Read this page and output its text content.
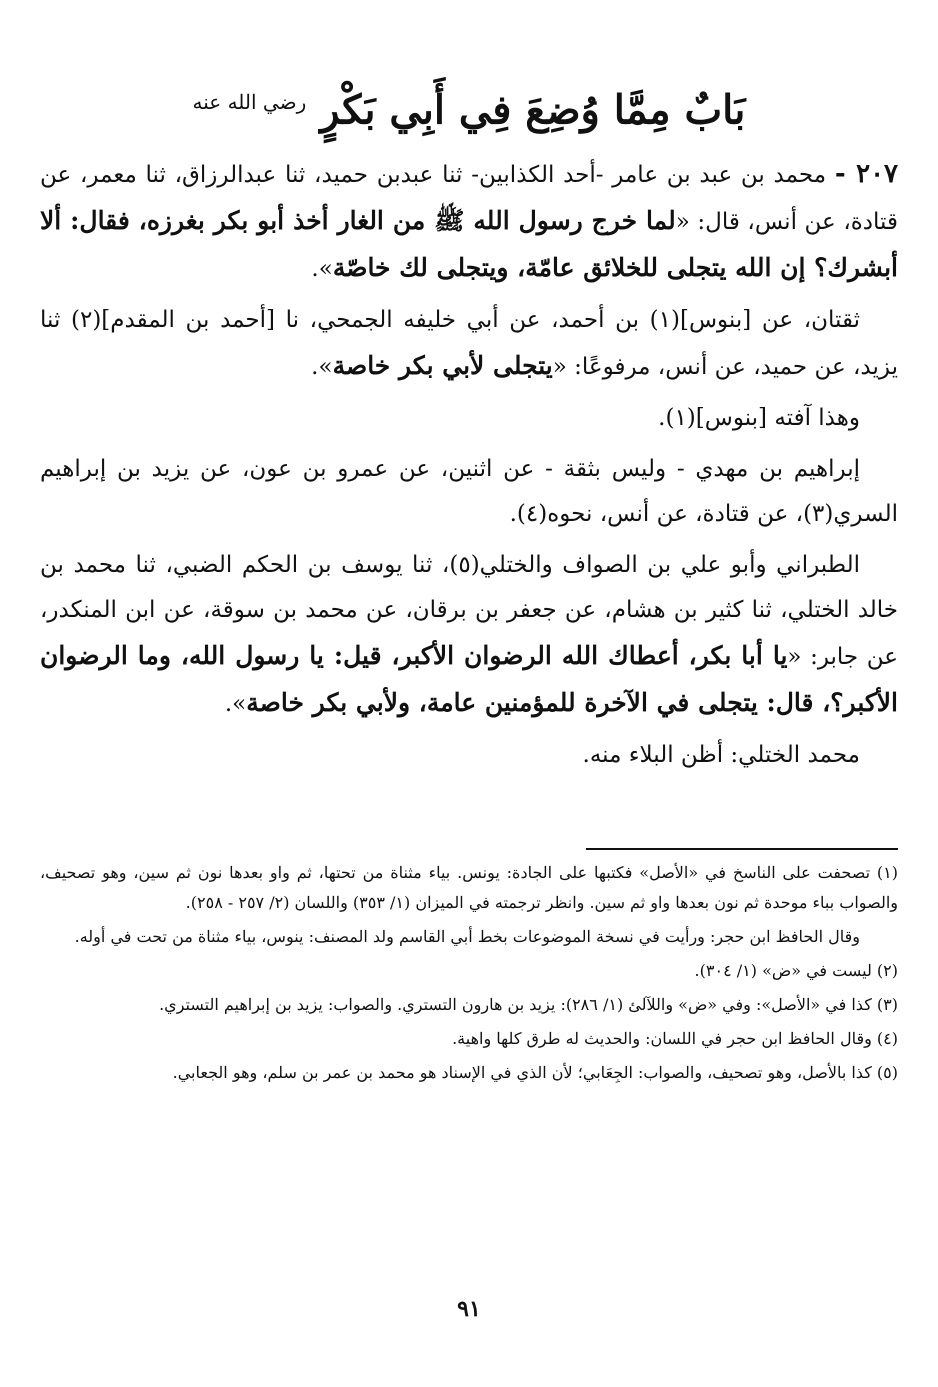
بَابٌ مِمَّا وُضِعَ فِي أَبِي بَكْرٍ $^{رضي الله عنه}$

٢٠٧ - محمد بن عبد بن عامر -أحد الكذابين- ثنا عبدبن حميد، ثنا عبدالرزاق، ثنا معمر، عن قتادة، عن أنس، قال: «لما خرج رسول الله ﷺ من الغار أخذ أبو بكر بغرزه، فقال: ألا أبشرك؟ إن الله يتجلى للخلائق عامّة، ويتجلى لك خاصّة».

ثقتان، عن [بنوس](١) بن أحمد، عن أبي خليفه الجمحي، نا [أحمد بن المقدم](٢) ثنا يزيد، عن حميد، عن أنس، مرفوعًا: «يتجلى لأبي بكر خاصة».

وهذا آفته [بنوس](١).

إبراهيم بن مهدي - وليس بثقة - عن اثنين، عن عمرو بن عون، عن يزيد بن إبراهيم السري(٣)، عن قتادة، عن أنس، نحوه(٤).

الطبراني وأبو علي بن الصواف والختلي(٥)، ثنا يوسف بن الحكم الضبي، ثنا محمد بن خالد الختلي، ثنا كثير بن هشام، عن جعفر بن برقان، عن محمد بن سوقة، عن ابن المنكدر، عن جابر: «يا أبا بكر، أعطاك الله الرضوان الأكبر، قيل: يا رسول الله، وما الرضوان الأكبر؟، قال: يتجلى في الآخرة للمؤمنين عامة، ولأبي بكر خاصة».

محمد الختلي: أظن البلاء منه.

(١) تصحفت على الناسخ في «الأصل» فكتبها على الجادة: يونس. بياء مثناة من تحتها، ثم واو بعدها نون ثم سين، وهو تصحيف، والصواب بباء موحدة ثم نون بعدها واو ثم سين. وانظر ترجمته في الميزان (١/ ٣٥٣) واللسان (٢/ ٢٥٧ - ٢٥٨).

وقال الحافظ ابن حجر: ورأيت في نسخة الموضوعات بخط أبي القاسم ولد المصنف: ينوس، بياء مثناة من تحت في أوله.

(٢) ليست في «ض» (١/ ٣٠٤).

(٣) كذا في «الأصل»: وفي «ض» واللآلئ (١/ ٢٨٦): يزيد بن هارون التستري. والصواب: يزيد بن إبراهيم التستري.

(٤) وقال الحافظ ابن حجر في اللسان: والحديث له طرق كلها واهية.

(٥) كذا بالأصل، وهو تصحيف، والصواب: الجِعَابي؛ لأن الذي في الإسناد هو محمد بن عمر بن سلم، وهو الجعابي.

٩١
